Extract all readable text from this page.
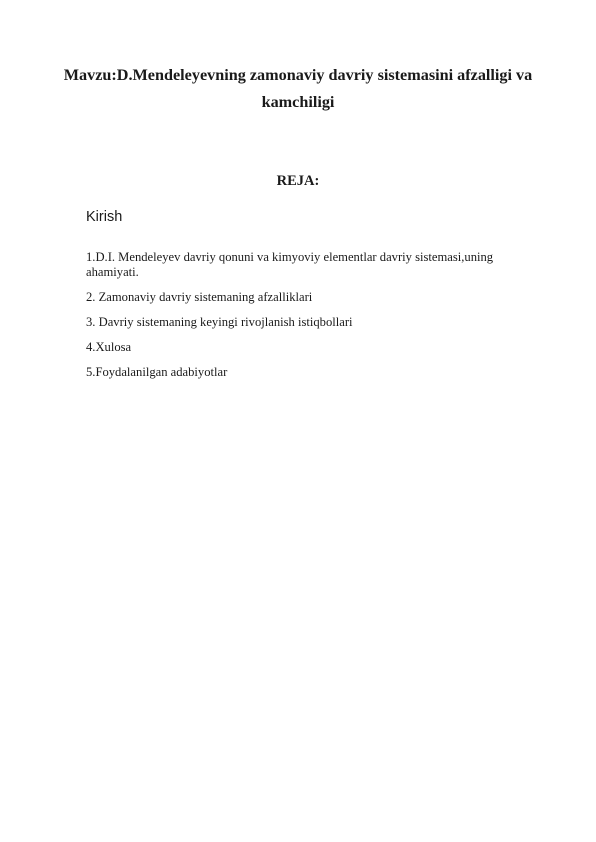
Mavzu:D.Mendeleyevning zamonaviy davriy sistemasini afzalligi va
kamchiligi
REJA:

Kirish

1.D.I. Mendeleyev davriy qonuni va kimyoviy elementlar davriy sistemasi,uning ahamiyati.
2. Zamonaviy davriy sistemaning afzalliklari
3. Davriy sistemaning keyingi rivojlanish istiqbollari
4.Xulosa
5.Foydalanilgan adabiyotlar
